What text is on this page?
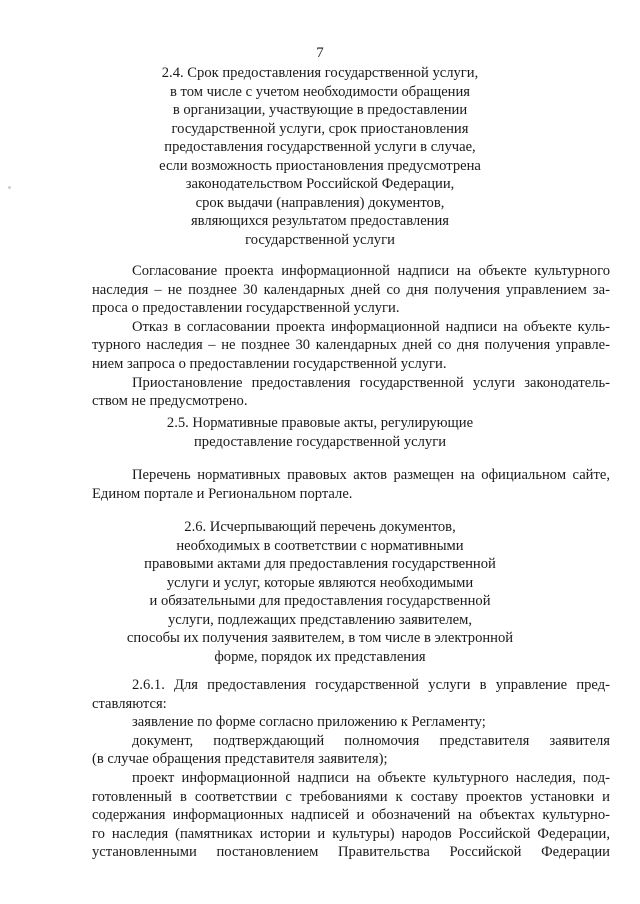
7
2.4. Срок предоставления государственной услуги,
в том числе с учетом необходимости обращения
в организации, участвующие в предоставлении
государственной услуги, срок приостановления
предоставления государственной услуги в случае,
если возможность приостановления предусмотрена
законодательством Российской Федерации,
срок выдачи (направления) документов,
являющихся результатом предоставления
государственной услуги
Согласование проекта информационной надписи на объекте культурного
наследия – не позднее 30 календарных дней со дня получения управлением за-
проса о предоставлении государственной услуги.
Отказ в согласовании проекта информационной надписи на объекте куль-
турного наследия – не позднее 30 календарных дней со дня получения управле-
нием запроса о предоставлении государственной услуги.
Приостановление предоставления государственной услуги законодатель-
ством не предусмотрено.
2.5. Нормативные правовые акты, регулирующие
предоставление государственной услуги
Перечень нормативных правовых актов размещен на официальном сайте,
Едином портале и Региональном портале.
2.6. Исчерпывающий перечень документов,
необходимых в соответствии с нормативными
правовыми актами для предоставления государственной
услуги и услуг, которые являются необходимыми
и обязательными для предоставления государственной
услуги, подлежащих представлению заявителем,
способы их получения заявителем, в том числе в электронной
форме, порядок их представления
2.6.1. Для предоставления государственной услуги в управление пред-
ставляются:
заявление по форме согласно приложению к Регламенту;
документ, подтверждающий полномочия представителя заявителя
(в случае обращения представителя заявителя);
проект информационной надписи на объекте культурного наследия, под-
готовленный в соответствии с требованиями к составу проектов установки и
содержания информационных надписей и обозначений на объектах культурно-
го наследия (памятниках истории и культуры) народов Российской Федерации,
установленными постановлением Правительства Российской Федерации
